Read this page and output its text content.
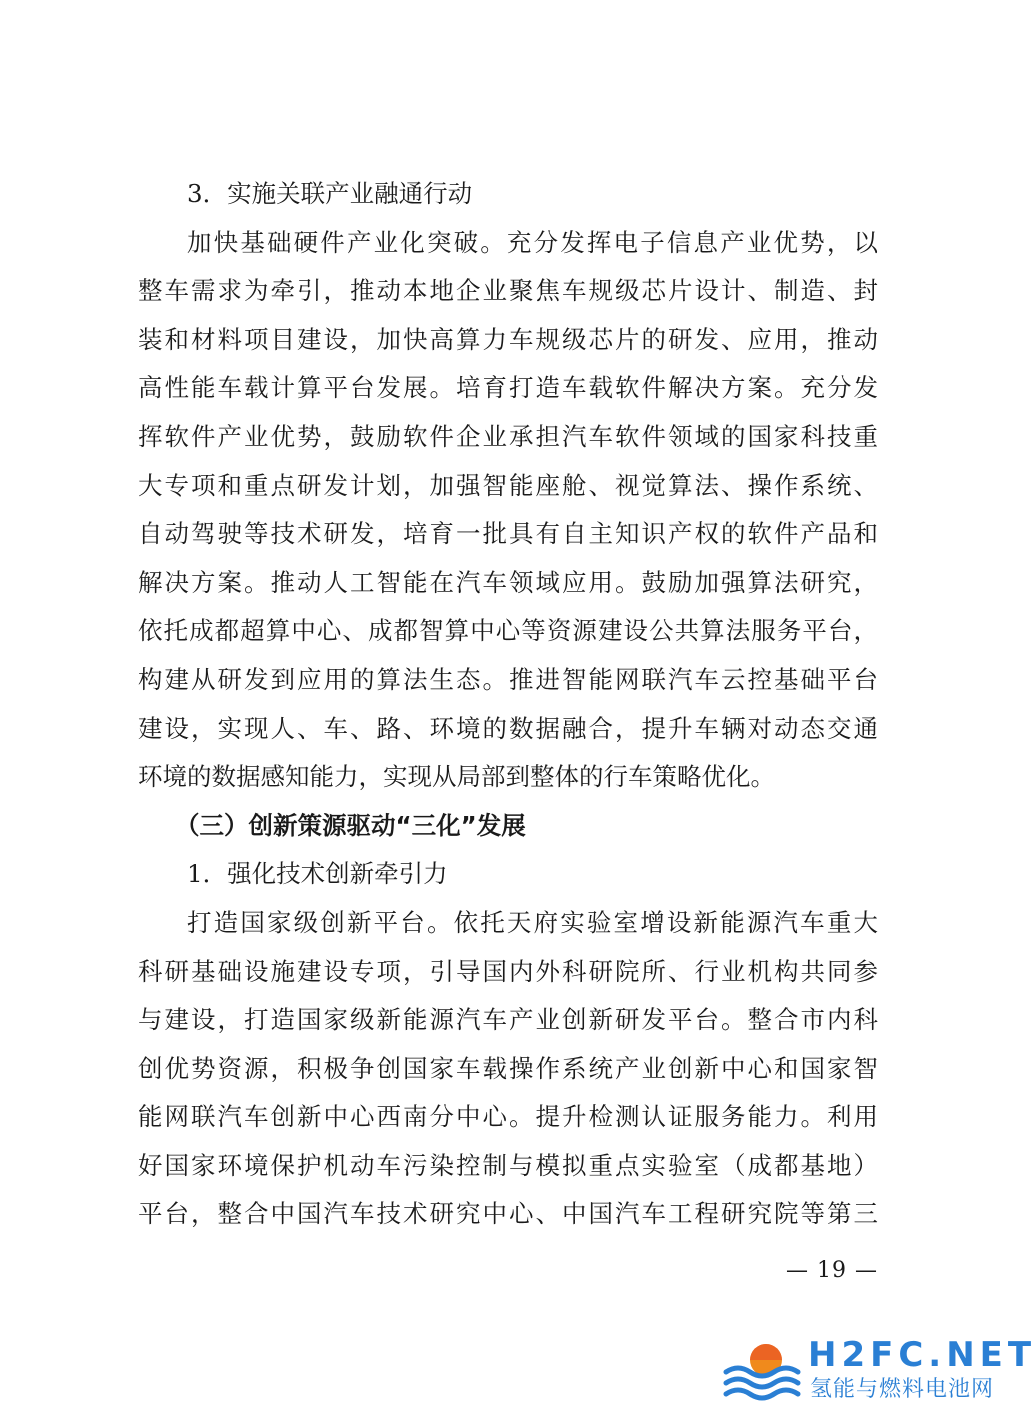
3．实施关联产业融通行动
加快基础硬件产业化突破。充分发挥电子信息产业优势，以
整车需求为牵引，推动本地企业聚焦车规级芯片设计、制造、封
装和材料项目建设，加快高算力车规级芯片的研发、应用，推动
高性能车载计算平台发展。培育打造车载软件解决方案。充分发
挥软件产业优势，鼓励软件企业承担汽车软件领域的国家科技重
大专项和重点研发计划，加强智能座舱、视觉算法、操作系统、
自动驾驶等技术研发，培育一批具有自主知识产权的软件产品和
解决方案。推动人工智能在汽车领域应用。鼓励加强算法研究，
依托成都超算中心、成都智算中心等资源建设公共算法服务平台，
构建从研发到应用的算法生态。推进智能网联汽车云控基础平台
建设，实现人、车、路、环境的数据融合，提升车辆对动态交通
环境的数据感知能力，实现从局部到整体的行车策略优化。
（三）创新策源驱动“三化”发展
1．强化技术创新牵引力
打造国家级创新平台。依托天府实验室增设新能源汽车重大
科研基础设施建设专项，引导国内外科研院所、行业机构共同参
与建设，打造国家级新能源汽车产业创新研发平台。整合市内科
创优势资源，积极争创国家车载操作系统产业创新中心和国家智
能网联汽车创新中心西南分中心。提升检测认证服务能力。利用
好国家环境保护机动车污染控制与模拟重点实验室（成都基地）
平台，整合中国汽车技术研究中心、中国汽车工程研究院等第三
— 19 —
H2FC.NET
氢能与燃料电池网
